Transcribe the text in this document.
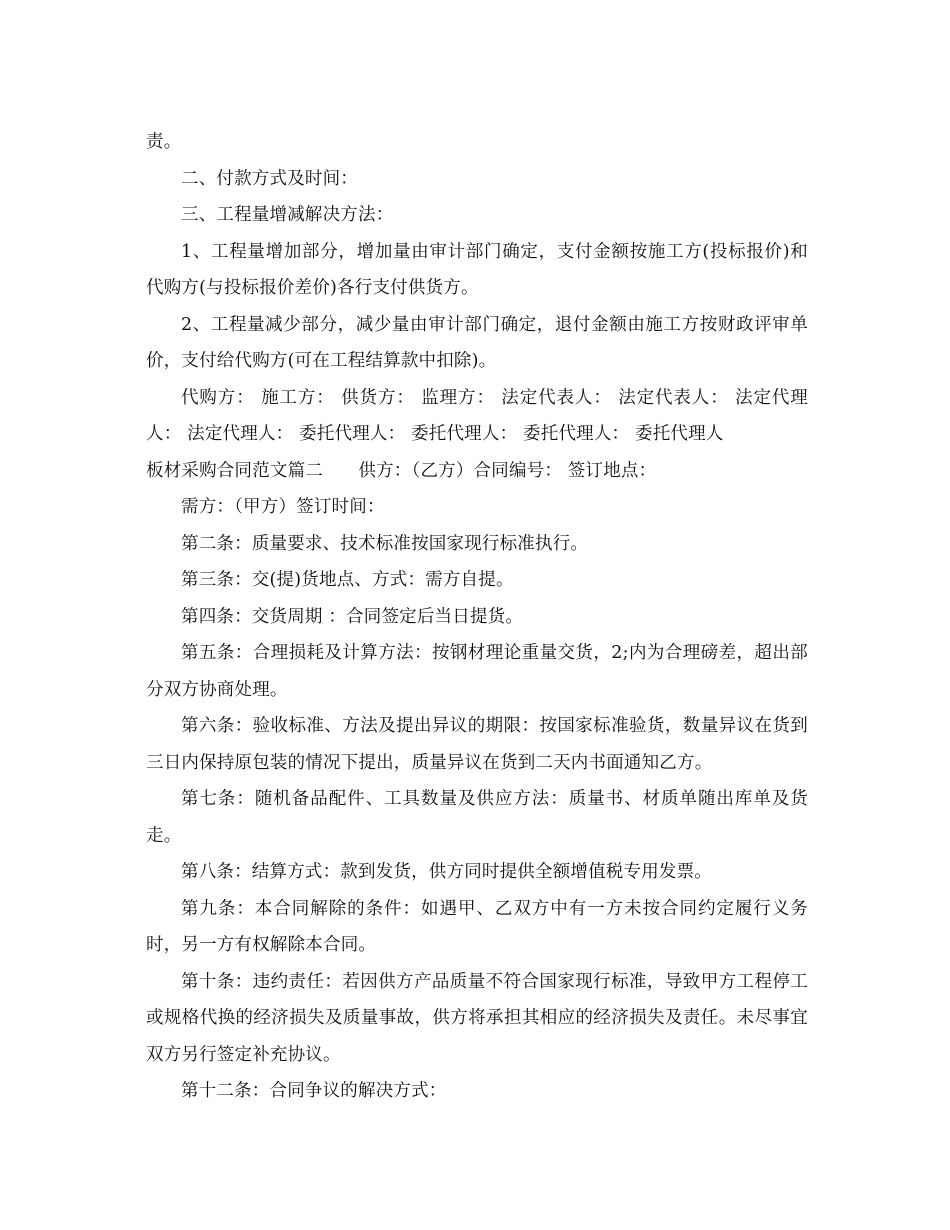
责。

二、付款方式及时间：

三、工程量增减解决方法：

1、工程量增加部分，增加量由审计部门确定，支付金额按施工方(投标报价)和代购方(与投标报价差价)各行支付供货方。

2、工程量减少部分，减少量由审计部门确定，退付金额由施工方按财政评审单价，支付给代购方(可在工程结算款中扣除)。

代购方： 施工方： 供货方： 监理方： 法定代表人： 法定代表人： 法定代理人： 法定代理人： 委托代理人： 委托代理人： 委托代理人： 委托代理人

板材采购合同范文篇二　　供方：（乙方）合同编号： 签订地点：

需方：（甲方）签订时间：

第二条：质量要求、技术标准按国家现行标准执行。

第三条：交(提)货地点、方式：需方自提。

第四条：交货周期 ：合同签定后当日提货。

第五条：合理损耗及计算方法：按钢材理论重量交货，2;内为合理磅差，超出部分双方协商处理。

第六条：验收标准、方法及提出异议的期限：按国家标准验货，数量异议在货到三日内保持原包装的情况下提出，质量异议在货到二天内书面通知乙方。

第七条：随机备品配件、工具数量及供应方法：质量书、材质单随出库单及货走。

第八条：结算方式：款到发货，供方同时提供全额增值税专用发票。

第九条：本合同解除的条件：如遇甲、乙双方中有一方未按合同约定履行义务时，另一方有权解除本合同。

第十条：违约责任：若因供方产品质量不符合国家现行标准，导致甲方工程停工或规格代换的经济损失及质量事故，供方将承担其相应的经济损失及责任。未尽事宜双方另行签定补充协议。

第十二条：合同争议的解决方式：
